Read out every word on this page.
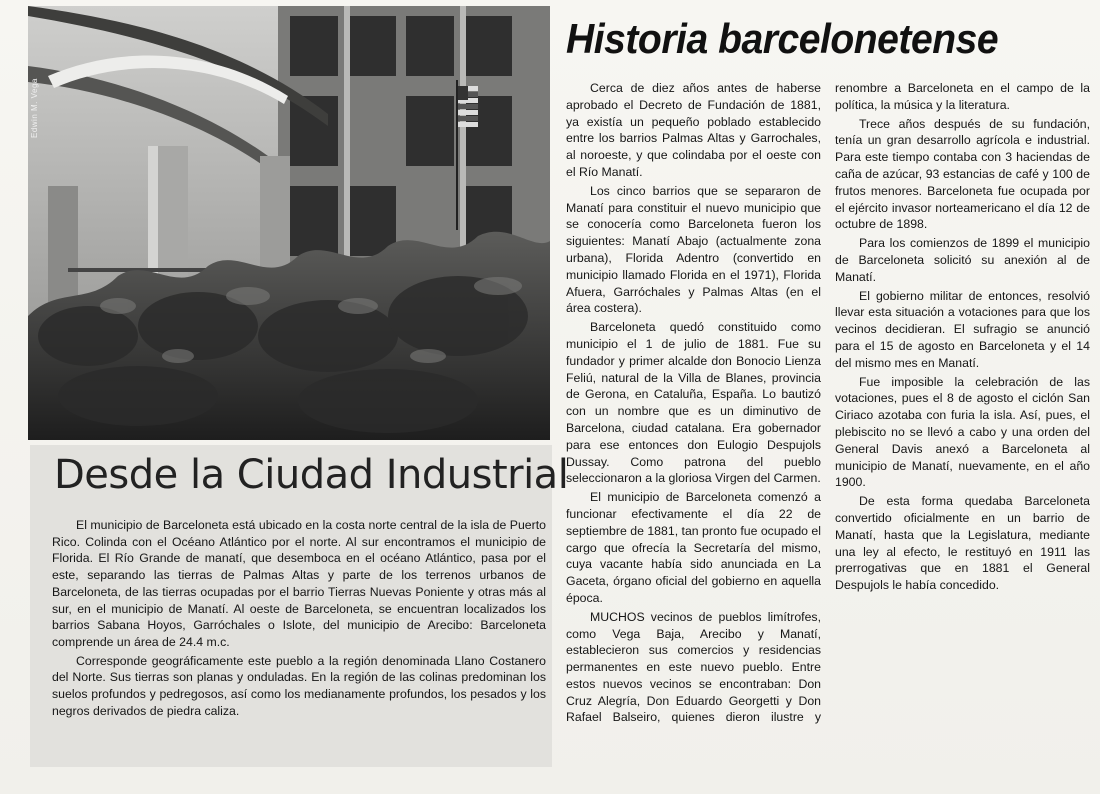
Edwin M. Vega
Desde la Ciudad Industrial

El municipio de Barceloneta está ubicado en la costa norte central de la isla de Puerto Rico. Colinda con el Océano Atlántico por el norte. Al sur encontramos el municipio de Florida. El Río Grande de manatí, que desemboca en el océano Atlántico, pasa por el este, separando las tierras de Palmas Altas y parte de los terrenos urbanos de Barceloneta, de las tierras ocupadas por el barrio Tierras Nuevas Poniente y otras más al sur, en el municipio de Manatí. Al oeste de Barceloneta, se encuentran localizados los barrios Sabana Hoyos, Garróchales o Islote, del municipio de Arecibo: Barceloneta comprende un área de 24.4 m.c.

Corresponde geográficamente este pueblo a la región denominada Llano Costanero del Norte. Sus tierras son planas y onduladas. En la región de las colinas predominan los suelos profundos y pedregosos, así como los medianamente profundos, los pesados y los negros derivados de piedra caliza.

Historia barcelonetense

Cerca de diez años antes de haberse aprobado el Decreto de Fundación de 1881, ya existía un pequeño poblado establecido entre los barrios Palmas Altas y Garrochales, al noroeste, y que colindaba por el oeste con el Río Manatí.

Los cinco barrios que se separaron de Manatí para constituir el nuevo municipio que se conocería como Barceloneta fueron los siguientes: Manatí Abajo (actualmente zona urbana), Florida Adentro (convertido en municipio llamado Florida en el 1971), Florida Afuera, Garróchales y Palmas Altas (en el área costera).

Barceloneta quedó constituido como municipio el 1 de julio de 1881. Fue su fundador y primer alcalde don Bonocio Lienza Feliú, natural de la Villa de Blanes, provincia de Gerona, en Cataluña, España. Lo bautizó con un nombre que es un diminutivo de Barcelona, ciudad catalana. Era gobernador para ese entonces don Eulogio Despujols Dussay. Como patrona del pueblo seleccionaron a la gloriosa Virgen del Carmen.

El municipio de Barceloneta comenzó a funcionar efectivamente el día 22 de septiembre de 1881, tan pronto fue ocupado el cargo que ofrecía la Secretaría del mismo, cuya vacante había sido anunciada en La Gaceta, órgano oficial del gobierno en aquella época.

MUCHOS vecinos de pueblos limítrofes, como Vega Baja, Arecibo y Manatí, establecieron sus comercios y residencias permanentes en este nuevo pueblo. Entre estos nuevos vecinos se encontraban: Don Cruz Alegría, Don Eduardo Georgetti y Don Rafael Balseiro, quienes dieron ilustre y renombre a Barceloneta en el campo de la política, la música y la literatura.

Trece años después de su fundación, tenía un gran desarrollo agrícola e industrial. Para este tiempo contaba con 3 haciendas de caña de azúcar, 93 estancias de café y 100 de frutos menores. Barceloneta fue ocupada por el ejército invasor norteamericano el día 12 de octubre de 1898.

Para los comienzos de 1899 el municipio de Barceloneta solicitó su anexión al de Manatí.

El gobierno militar de entonces, resolvió llevar esta situación a votaciones para que los vecinos decidieran. El sufragio se anunció para el 15 de agosto en Barceloneta y el 14 del mismo mes en Manatí.

Fue imposible la celebración de las votaciones, pues el 8 de agosto el ciclón San Ciriaco azotaba con furia la isla. Así, pues, el plebiscito no se llevó a cabo y una orden del General Davis anexó a Barceloneta al municipio de Manatí, nuevamente, en el año 1900.

De esta forma quedaba Barceloneta convertido oficialmente en un barrio de Manatí, hasta que la Legislatura, mediante una ley al efecto, le restituyó en 1911 las prerrogativas que en 1881 el General Despujols le había concedido.
